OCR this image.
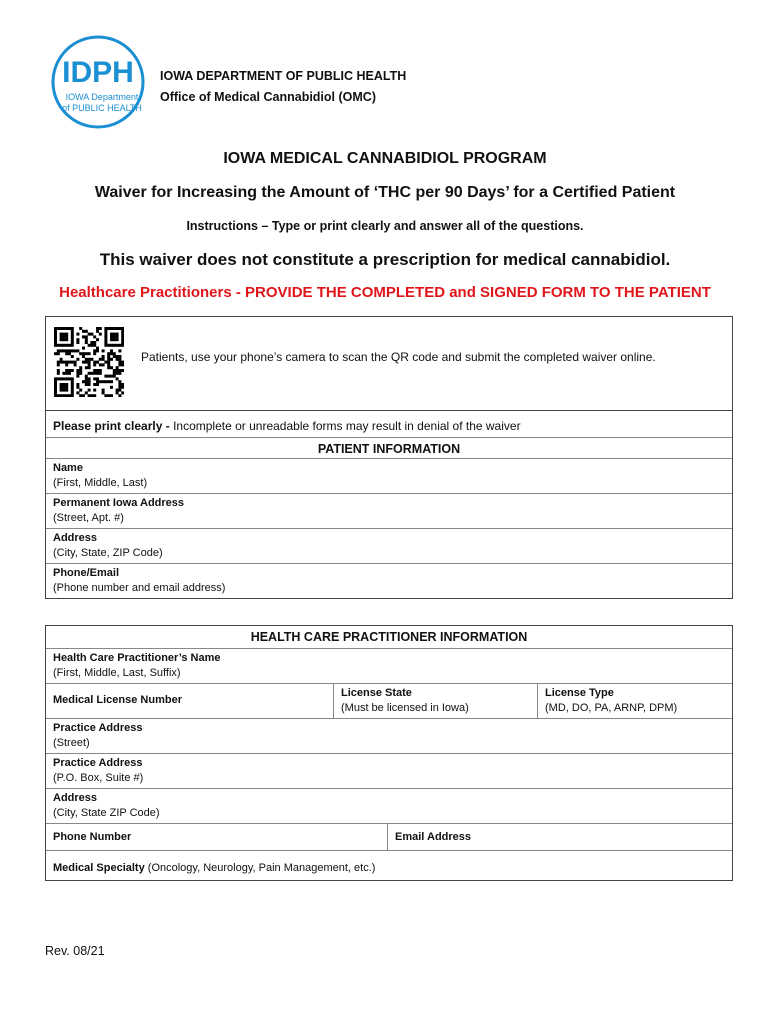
IDPH
IOWA Department
of PUBLIC HEALTH
IOWA DEPARTMENT OF PUBLIC HEALTH
Office of Medical Cannabidiol (OMC)
IOWA MEDICAL CANNABIDIOL PROGRAM
Waiver for Increasing the Amount of ‘THC per 90 Days’ for a Certified Patient
Instructions – Type or print clearly and answer all of the questions.
This waiver does not constitute a prescription for medical cannabidiol.
Healthcare Practitioners - PROVIDE THE COMPLETED and SIGNED FORM TO THE PATIENT
Patients, use your phone’s camera to scan the QR code and submit the completed waiver online.
Please print clearly - Incomplete or unreadable forms may result in denial of the waiver
PATIENT INFORMATION
Name
(First, Middle, Last)
Permanent Iowa Address
(Street, Apt. #)
Address
(City, State, ZIP Code)
Phone/Email
(Phone number and email address)
HEALTH CARE PRACTITIONER INFORMATION
Health Care Practitioner’s Name
(First, Middle, Last, Suffix)
Medical License Number
License State
(Must be licensed in Iowa)
License Type
(MD, DO, PA, ARNP, DPM)
Practice Address
(Street)
Practice Address
(P.O. Box, Suite #)
Address
(City, State ZIP Code)
Phone Number	Email Address
Medical Specialty (Oncology, Neurology, Pain Management, etc.)
Rev. 08/21
